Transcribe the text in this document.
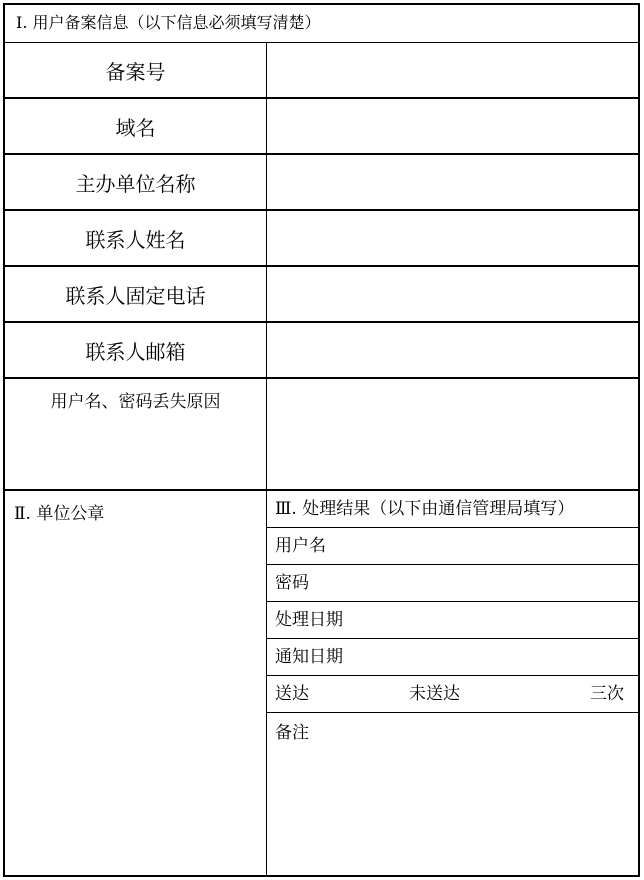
Ⅰ. 用户备案信息（以下信息必须填写清楚）
备案号
域名
主办单位名称
联系人姓名
联系人固定电话
联系人邮箱
用户名、密码丢失原因
Ⅱ. 单位公章	Ⅲ. 处理结果（以下由通信管理局填写）
用户名
密码
处理日期
通知日期
送达	未送达	三次
备注
